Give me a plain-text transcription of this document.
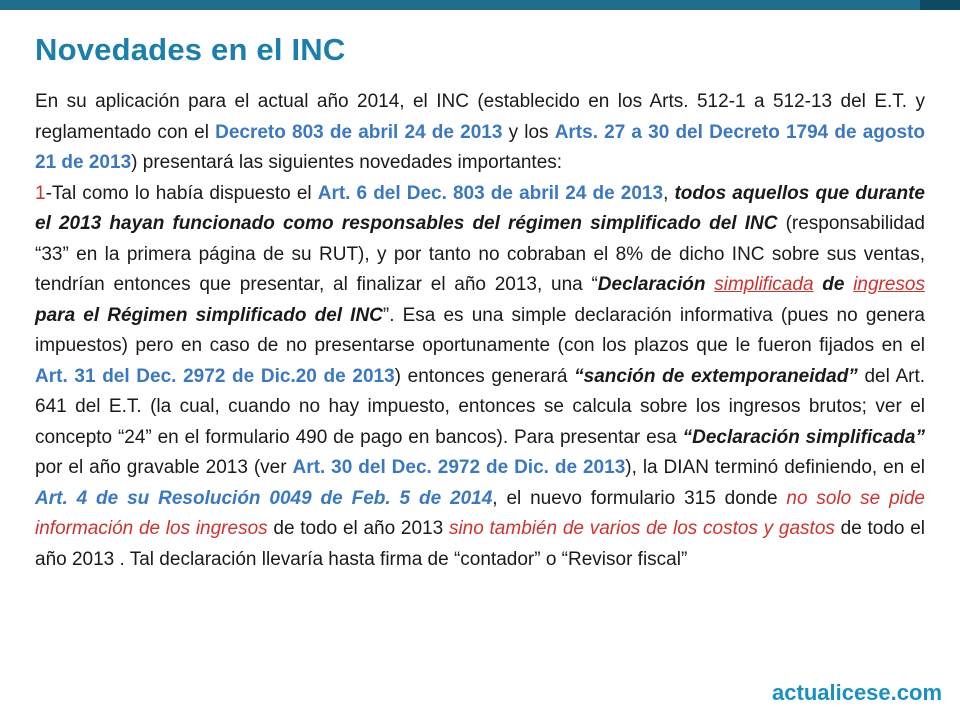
Novedades en el INC

En su aplicación para el actual año 2014, el INC (establecido en los Arts. 512-1 a 512-13 del E.T. y reglamentado con el Decreto 803 de abril 24 de 2013 y los Arts. 27 a 30 del Decreto 1794 de agosto 21 de 2013) presentará las siguientes novedades importantes:

1-Tal como lo había dispuesto el Art. 6 del Dec. 803 de abril 24 de 2013, todos aquellos que durante el 2013 hayan funcionado como responsables del régimen simplificado del INC (responsabilidad “33” en la primera página de su RUT), y por tanto no cobraban el 8% de dicho INC sobre sus ventas, tendrían entonces que presentar, al finalizar el año 2013, una “Declaración simplificada de ingresos para el Régimen simplificado del INC”. Esa es una simple declaración informativa (pues no genera impuestos) pero en caso de no presentarse oportunamente (con los plazos que le fueron fijados en el Art. 31 del Dec. 2972 de Dic.20 de 2013) entonces generará “sanción de extemporaneidad” del Art. 641 del E.T. (la cual, cuando no hay impuesto, entonces se calcula sobre los ingresos brutos; ver el concepto “24” en el formulario 490 de pago en bancos). Para presentar esa “Declaración simplificada” por el año gravable 2013 (ver Art. 30 del Dec. 2972 de Dic. de 2013), la DIAN terminó definiendo, en el Art. 4 de su Resolución 0049 de Feb. 5 de 2014, el nuevo formulario 315 donde no solo se pide información de los ingresos de todo el año 2013 sino también de varios de los costos y gastos de todo el año 2013 . Tal declaración llevaría hasta firma de “contador” o “Revisor fiscal”

actualicese.com
